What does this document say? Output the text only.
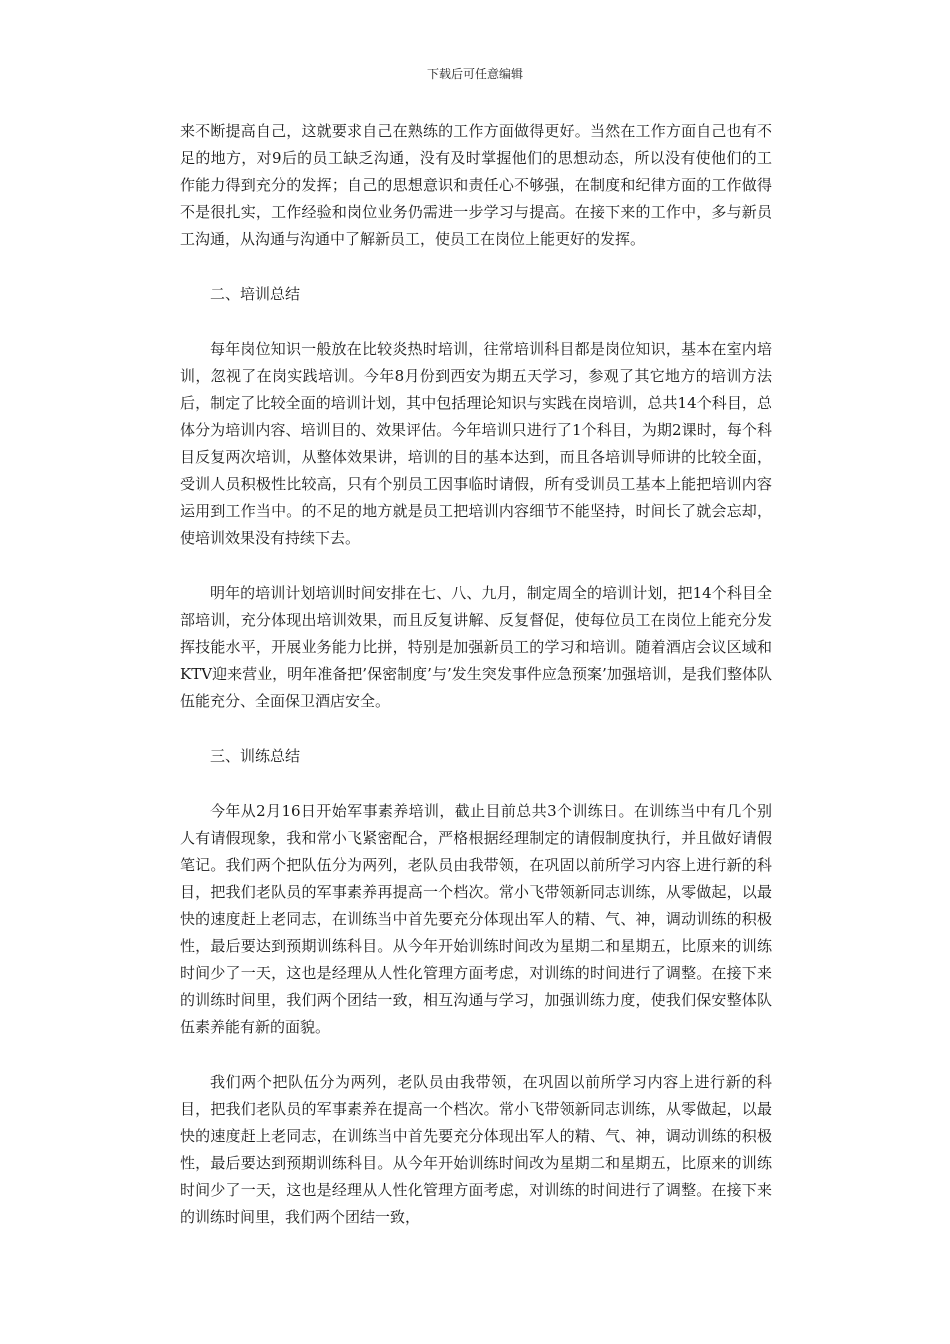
下载后可任意编辑

来不断提高自己，这就要求自己在熟练的工作方面做得更好。当然在工作方面自己也有不足的地方，对9后的员工缺乏沟通，没有及时掌握他们的思想动态，所以没有使他们的工作能力得到充分的发挥；自己的思想意识和责任心不够强，在制度和纪律方面的工作做得不是很扎实，工作经验和岗位业务仍需进一步学习与提高。在接下来的工作中，多与新员工沟通，从沟通与沟通中了解新员工，使员工在岗位上能更好的发挥。

二、培训总结

每年岗位知识一般放在比较炎热时培训，往常培训科目都是岗位知识，基本在室内培训，忽视了在岗实践培训。今年8月份到西安为期五天学习，参观了其它地方的培训方法后，制定了比较全面的培训计划，其中包括理论知识与实践在岗培训，总共14个科目，总体分为培训内容、培训目的、效果评估。今年培训只进行了1个科目，为期2课时，每个科目反复两次培训，从整体效果讲，培训的目的基本达到，而且各培训导师讲的比较全面，受训人员积极性比较高，只有个别员工因事临时请假，所有受训员工基本上能把培训内容运用到工作当中。的不足的地方就是员工把培训内容细节不能坚持，时间长了就会忘却，使培训效果没有持续下去。

明年的培训计划培训时间安排在七、八、九月，制定周全的培训计划，把14个科目全部培训，充分体现出培训效果，而且反复讲解、反复督促，使每位员工在岗位上能充分发挥技能水平，开展业务能力比拼，特别是加强新员工的学习和培训。随着酒店会议区域和KTV迎来营业，明年准备把’保密制度’与’发生突发事件应急预案’加强培训，是我们整体队伍能充分、全面保卫酒店安全。

三、训练总结

今年从2月16日开始军事素养培训，截止目前总共3个训练日。在训练当中有几个别人有请假现象，我和常小飞紧密配合，严格根据经理制定的请假制度执行，并且做好请假笔记。我们两个把队伍分为两列，老队员由我带领，在巩固以前所学习内容上进行新的科目，把我们老队员的军事素养再提高一个档次。常小飞带领新同志训练，从零做起，以最快的速度赶上老同志，在训练当中首先要充分体现出军人的精、气、神，调动训练的积极性，最后要达到预期训练科目。从今年开始训练时间改为星期二和星期五，比原来的训练时间少了一天，这也是经理从人性化管理方面考虑，对训练的时间进行了调整。在接下来的训练时间里，我们两个团结一致，相互沟通与学习，加强训练力度，使我们保安整体队伍素养能有新的面貌。

我们两个把队伍分为两列，老队员由我带领，在巩固以前所学习内容上进行新的科目，把我们老队员的军事素养在提高一个档次。常小飞带领新同志训练，从零做起，以最快的速度赶上老同志，在训练当中首先要充分体现出军人的精、气、神，调动训练的积极性，最后要达到预期训练科目。从今年开始训练时间改为星期二和星期五，比原来的训练时间少了一天，这也是经理从人性化管理方面考虑，对训练的时间进行了调整。在接下来的训练时间里，我们两个团结一致，
